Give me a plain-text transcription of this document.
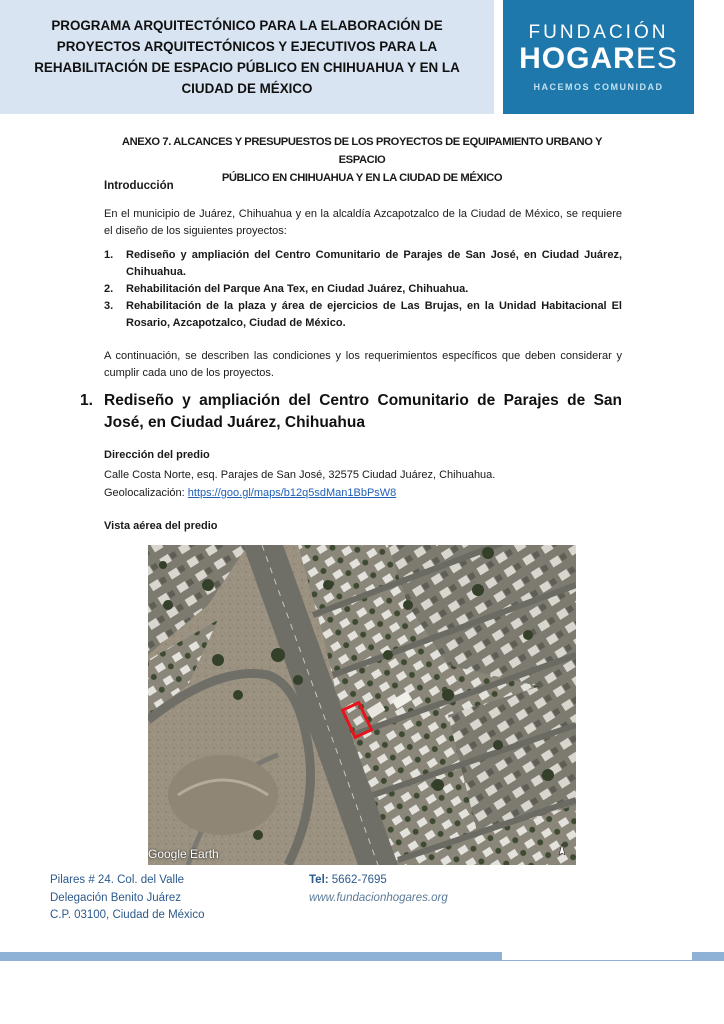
PROGRAMA ARQUITECTÓNICO PARA LA ELABORACIÓN DE
PROYECTOS ARQUITECTÓNICOS Y EJECUTIVOS PARA LA
REHABILITACIÓN DE ESPACIO PÚBLICO EN CHIHUAHUA Y EN LA
CIUDAD DE MÉXICO
FUNDACIÓN
HOGARES
HACEMOS COMUNIDAD
ANEXO 7. ALCANCES Y PRESUPUESTOS DE LOS PROYECTOS DE EQUIPAMIENTO URBANO Y ESPACIO
PÚBLICO EN CHIHUAHUA Y EN LA CIUDAD DE MÉXICO
Introducción
En el municipio de Juárez, Chihuahua y en la alcaldía Azcapotzalco de la Ciudad de México, se requiere el diseño de los siguientes proyectos:
1.	Rediseño y ampliación del Centro Comunitario de Parajes de San José, en Ciudad Juárez, Chihuahua.
2.	Rehabilitación del Parque Ana Tex, en Ciudad Juárez, Chihuahua.
3.	Rehabilitación de la plaza y área de ejercicios de Las Brujas, en la Unidad Habitacional El Rosario, Azcapotzalco, Ciudad de México.
A continuación, se describen las condiciones y los requerimientos específicos que deben considerar y cumplir cada uno de los proyectos.
1. Rediseño y ampliación del Centro Comunitario de Parajes de San José, en Ciudad Juárez, Chihuahua
Dirección del predio
Calle Costa Norte, esq. Parajes de San José, 32575 Ciudad Juárez, Chihuahua.
Geolocalización: https://goo.gl/maps/b12q5sdMan1BbPsW8
Vista aérea del predio
Google Earth
Pilares # 24. Col. del Valle
Delegación Benito Juárez
C.P. 03100, Ciudad de México
Tel: 5662-7695
www.fundacionhogares.org
